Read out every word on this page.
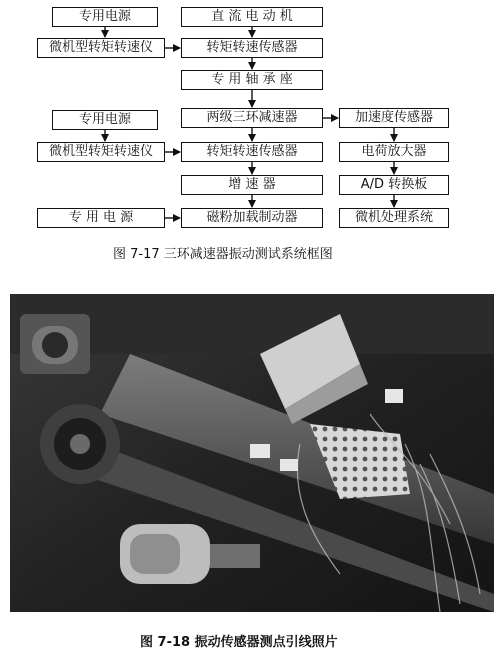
专用电源	直 流 电 动 机
微机型转矩转速仪	转矩转速传感器
专 用 轴 承 座
专用电源	两级三环减速器	加速度传感器
微机型转矩转速仪	转矩转速传感器	电荷放大器
增 速 器	A/D 转换板
专 用 电 源	磁粉加载制动器	微机处理系统
图 7-17 三环减速器振动测试系统框图
图 7-18 振动传感器测点引线照片
